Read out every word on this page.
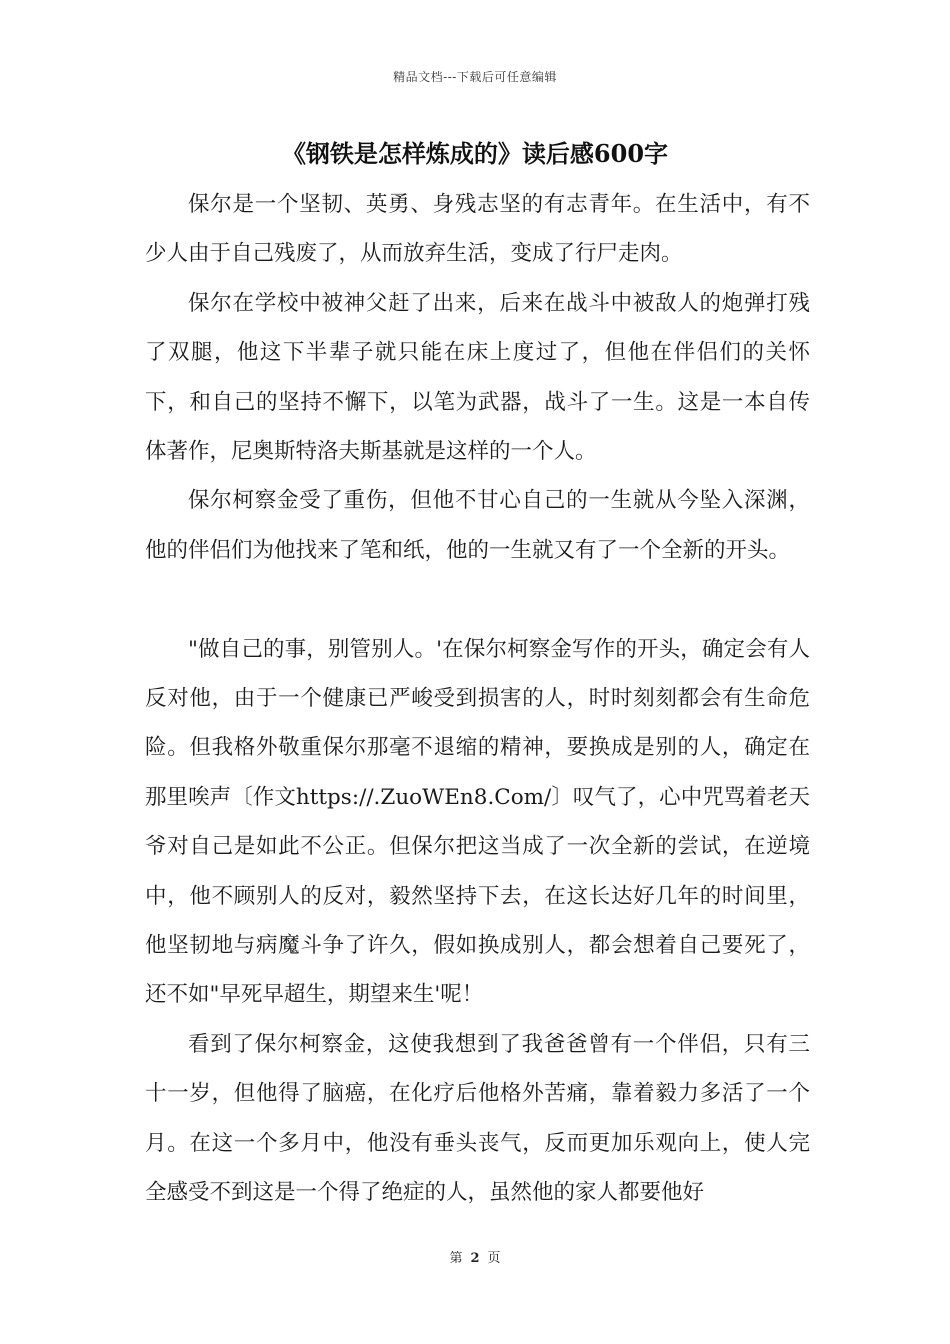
精品文档---下载后可任意编辑
《钢铁是怎样炼成的》读后感600字

保尔是一个坚韧、英勇、身残志坚的有志青年。在生活中，有不少人由于自己残废了，从而放弃生活，变成了行尸走肉。

保尔在学校中被神父赶了出来，后来在战斗中被敌人的炮弹打残了双腿，他这下半辈子就只能在床上度过了，但他在伴侣们的关怀下，和自己的坚持不懈下，以笔为武器，战斗了一生。这是一本自传体著作，尼奥斯特洛夫斯基就是这样的一个人。

保尔柯察金受了重伤，但他不甘心自己的一生就从今坠入深渊，他的伴侣们为他找来了笔和纸，他的一生就又有了一个全新的开头。

"做自己的事，别管别人。'在保尔柯察金写作的开头，确定会有人反对他，由于一个健康已严峻受到损害的人，时时刻刻都会有生命危险。但我格外敬重保尔那毫不退缩的精神，要换成是别的人，确定在那里唉声〔作文https://.ZuoWEn8.Com/〕叹气了，心中咒骂着老天爷对自己是如此不公正。但保尔把这当成了一次全新的尝试，在逆境中，他不顾别人的反对，毅然坚持下去，在这长达好几年的时间里，他坚韧地与病魔斗争了许久，假如换成别人，都会想着自己要死了，还不如"早死早超生，期望来生'呢！

看到了保尔柯察金，这使我想到了我爸爸曾有一个伴侣，只有三十一岁，但他得了脑癌，在化疗后他格外苦痛，靠着毅力多活了一个月。在这一个多月中，他没有垂头丧气，反而更加乐观向上，使人完全感受不到这是一个得了绝症的人，虽然他的家人都要他好

第 2 页
